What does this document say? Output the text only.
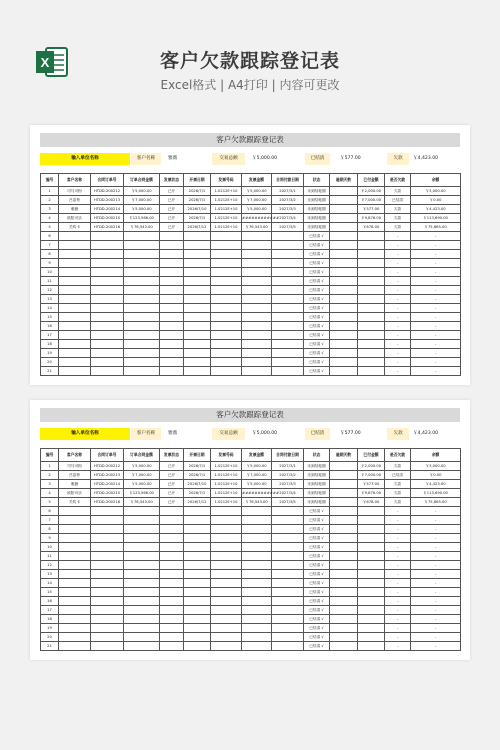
X	客户欠款跟踪登记表
Excel格式 | A4打印 | 内容可更改
客户欠款跟踪登记表
输入单位名称	客户名称	雅薇	交易总额	￥5,000.00	已结清	￥577.00	欠款	￥4,423.00
编号	客户名称	合同订单号	订单合同金额	发票状态	开票日期	发票号码	发票金额	合同付款日期	状态	逾期天数	已付金额	是否欠款	余额
1	司马可粉	HTDD-200212	￥5,000.00	已开	2026/7/1	1.0212E+10	￥5,000.00	2027/3/1	未到结帐期		￥2,000.00	欠款	￥3,000.00
2	吕富势	HTDD-200213	￥7,000.00	已开	2026/7/1	1.0212E+10	￥7,000.00	2027/3/2	未到结帐期		￥7,000.00	已结清	￥0.00
3	雅薇	HTDD-200214	￥5,000.00	已开	2026/7/10	1.0212E+10	￥5,000.00	2027/3/3	未到结帐期		￥577.00	欠款	￥4,423.00
4	欧阳可乐	HTDD-200215	￥123,566.00	已开	2026/7/1	1.0212E+10	############	2027/3/4	未到结帐期		￥9,876.00	欠款	￥113,690.00
5	关鸣卡	HTDD-200216	￥76,543.00	已开	2026/7/12	1.0212E+10	￥76,543.00	2027/3/5	未到结帐期		￥678.00	欠款	￥75,865.00
6									已结清 √			-	-
7									已结清 √			-	-
8									已结清 √			-	-
9									已结清 √			-	-
10									已结清 √			-	-
11									已结清 √			-	-
12									已结清 √			-	-
13									已结清 √			-	-
14									已结清 √			-	-
15									已结清 √			-	-
16									已结清 √			-	-
17									已结清 √			-	-
18									已结清 √			-	-
19									已结清 √			-	-
20									已结清 √			-	-
21									已结清 √			-	-
客户欠款跟踪登记表
输入单位名称	客户名称	雅薇	交易总额	￥5,000.00	已结清	￥577.00	欠款	￥4,423.00
编号	客户名称	合同订单号	订单合同金额	发票状态	开票日期	发票号码	发票金额	合同付款日期	状态	逾期天数	已付金额	是否欠款	余额
1	司马可粉	HTDD-200212	￥5,000.00	已开	2026/7/1	1.0212E+10	￥5,000.00	2027/3/1	未到结帐期		￥2,000.00	欠款	￥3,000.00
2	吕富势	HTDD-200213	￥7,000.00	已开	2026/7/1	1.0212E+10	￥7,000.00	2027/3/2	未到结帐期		￥7,000.00	已结清	￥0.00
3	雅薇	HTDD-200214	￥5,000.00	已开	2026/7/10	1.0212E+10	￥5,000.00	2027/3/3	未到结帐期		￥577.00	欠款	￥4,423.00
4	欧阳可乐	HTDD-200215	￥123,566.00	已开	2026/7/1	1.0212E+10	############	2027/3/4	未到结帐期		￥9,876.00	欠款	￥113,690.00
5	关鸣卡	HTDD-200216	￥76,543.00	已开	2026/7/12	1.0212E+10	￥76,543.00	2027/3/5	未到结帐期		￥678.00	欠款	￥75,865.00
6									已结清 √			-	-
7									已结清 √			-	-
8									已结清 √			-	-
9									已结清 √			-	-
10									已结清 √			-	-
11									已结清 √			-	-
12									已结清 √			-	-
13									已结清 √			-	-
14									已结清 √			-	-
15									已结清 √			-	-
16									已结清 √			-	-
17									已结清 √			-	-
18									已结清 √			-	-
19									已结清 √			-	-
20									已结清 √			-	-
21									已结清 √			-	-
